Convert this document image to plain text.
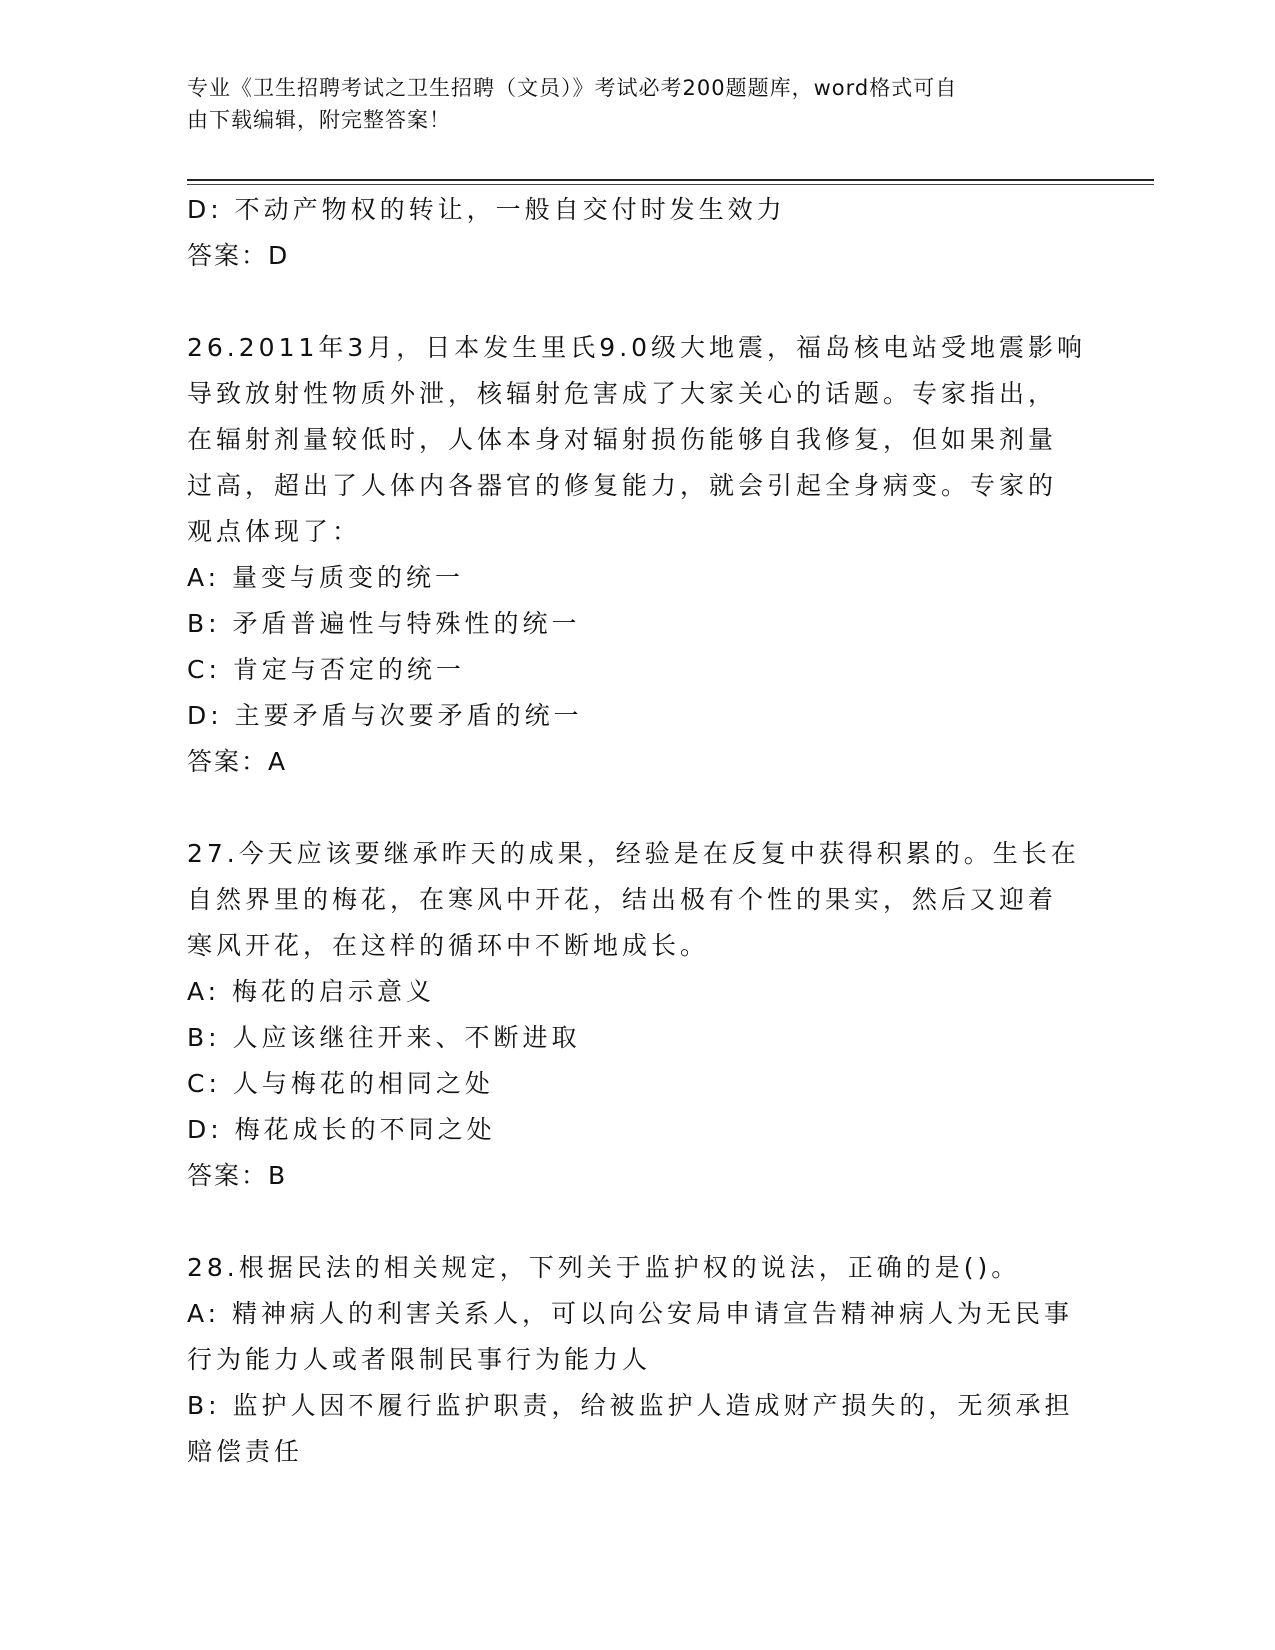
专业《卫生招聘考试之卫生招聘（文员）》考试必考200题题库，word格式可自
由下载编辑，附完整答案！
D: 不动产物权的转让，一般自交付时发生效力
答案：D
26.2011年3月，日本发生里氏9.0级大地震，福岛核电站受地震影响
导致放射性物质外泄，核辐射危害成了大家关心的话题。专家指出，
在辐射剂量较低时，人体本身对辐射损伤能够自我修复，但如果剂量
过高，超出了人体内各器官的修复能力，就会引起全身病变。专家的
观点体现了：
A: 量变与质变的统一
B: 矛盾普遍性与特殊性的统一
C: 肯定与否定的统一
D: 主要矛盾与次要矛盾的统一
答案：A
27.今天应该要继承昨天的成果，经验是在反复中获得积累的。生长在
自然界里的梅花，在寒风中开花，结出极有个性的果实，然后又迎着
寒风开花，在这样的循环中不断地成长。
A: 梅花的启示意义
B: 人应该继往开来、不断进取
C: 人与梅花的相同之处
D: 梅花成长的不同之处
答案：B
28.根据民法的相关规定，下列关于监护权的说法，正确的是()。
A: 精神病人的利害关系人，可以向公安局申请宣告精神病人为无民事
行为能力人或者限制民事行为能力人
B: 监护人因不履行监护职责，给被监护人造成财产损失的，无须承担
赔偿责任
